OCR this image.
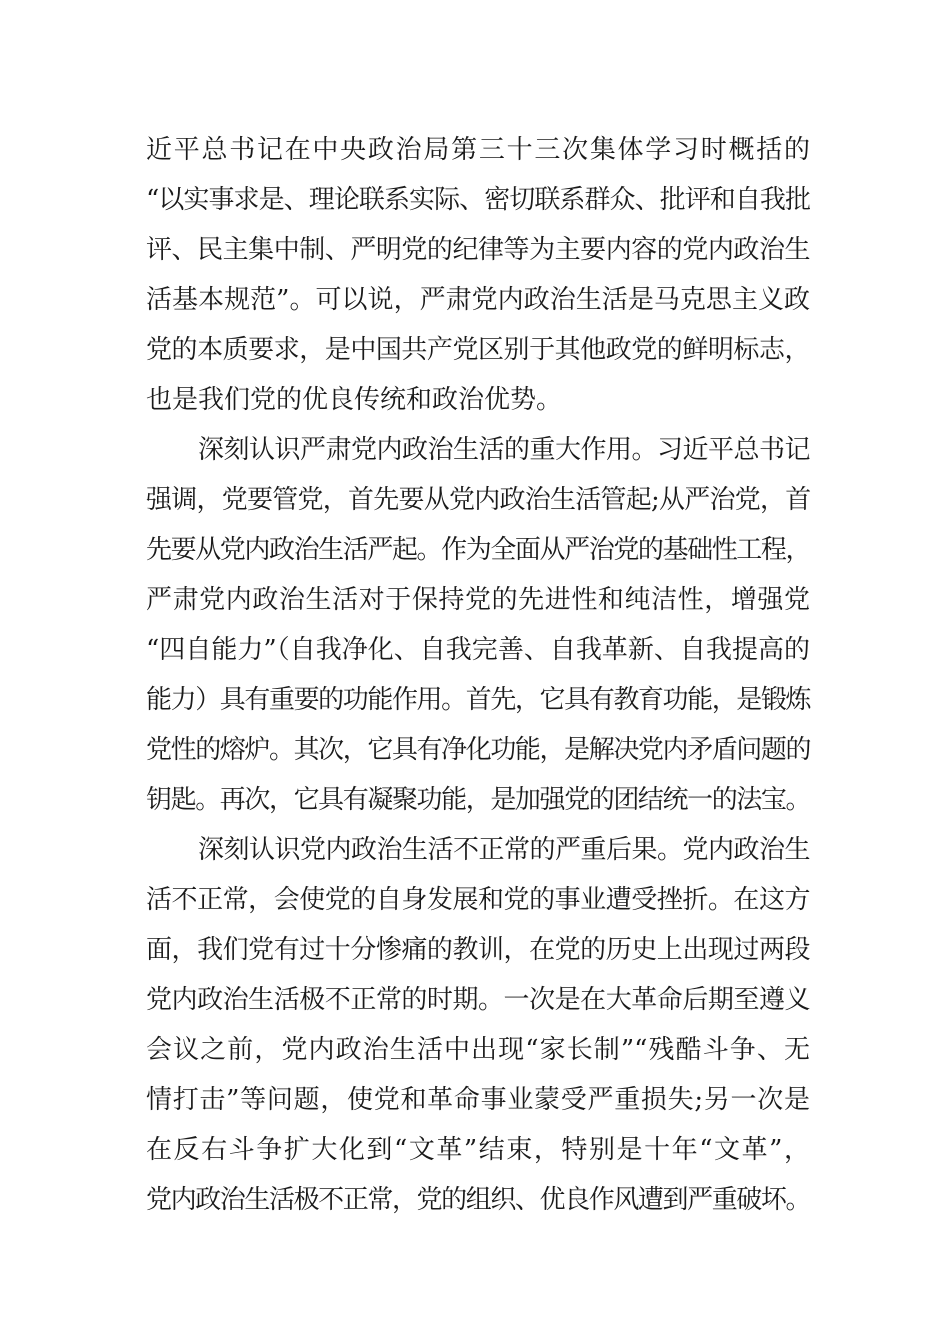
近平总书记在中央政治局第三十三次集体学习时概括的
“以实事求是、理论联系实际、密切联系群众、批评和自我批
评、民主集中制、严明党的纪律等为主要内容的党内政治生
活基本规范”。可以说，严肃党内政治生活是马克思主义政
党的本质要求，是中国共产党区别于其他政党的鲜明标志，
也是我们党的优良传统和政治优势。
深刻认识严肃党内政治生活的重大作用。习近平总书记
强调，党要管党，首先要从党内政治生活管起;从严治党，首
先要从党内政治生活严起。作为全面从严治党的基础性工程，
严肃党内政治生活对于保持党的先进性和纯洁性，增强党
“四自能力”（自我净化、自我完善、自我革新、自我提高的
能力）具有重要的功能作用。首先，它具有教育功能，是锻炼
党性的熔炉。其次，它具有净化功能，是解决党内矛盾问题的
钥匙。再次，它具有凝聚功能，是加强党的团结统一的法宝。
深刻认识党内政治生活不正常的严重后果。党内政治生
活不正常，会使党的自身发展和党的事业遭受挫折。在这方
面，我们党有过十分惨痛的教训，在党的历史上出现过两段
党内政治生活极不正常的时期。一次是在大革命后期至遵义
会议之前，党内政治生活中出现“家长制”“残酷斗争、无
情打击”等问题，使党和革命事业蒙受严重损失;另一次是
在反右斗争扩大化到“文革”结束，特别是十年“文革”，
党内政治生活极不正常，党的组织、优良作风遭到严重破坏。
